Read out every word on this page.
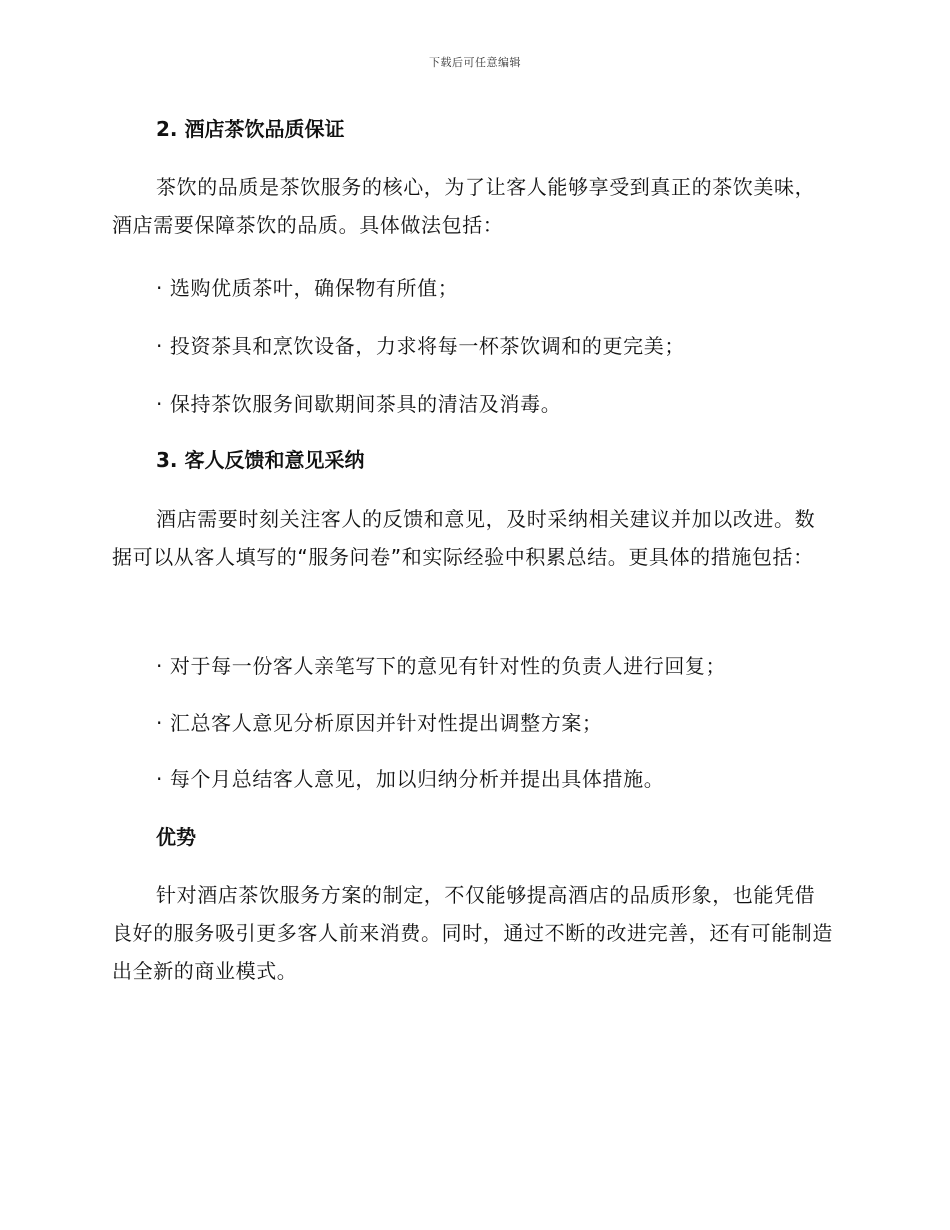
下载后可任意编辑
2. 酒店茶饮品质保证

茶饮的品质是茶饮服务的核心，为了让客人能够享受到真正的茶饮美味，酒店需要保障茶饮的品质。具体做法包括：

· 选购优质茶叶，确保物有所值；
· 投资茶具和烹饮设备，力求将每一杯茶饮调和的更完美；
· 保持茶饮服务间歇期间茶具的清洁及消毒。
3. 客人反馈和意见采纳

酒店需要时刻关注客人的反馈和意见，及时采纳相关建议并加以改进。数据可以从客人填写的“服务问卷”和实际经验中积累总结。更具体的措施包括：

· 对于每一份客人亲笔写下的意见有针对性的负责人进行回复；
· 汇总客人意见分析原因并针对性提出调整方案；
· 每个月总结客人意见，加以归纳分析并提出具体措施。
优势

针对酒店茶饮服务方案的制定，不仅能够提高酒店的品质形象，也能凭借良好的服务吸引更多客人前来消费。同时，通过不断的改进完善，还有可能制造出全新的商业模式。
